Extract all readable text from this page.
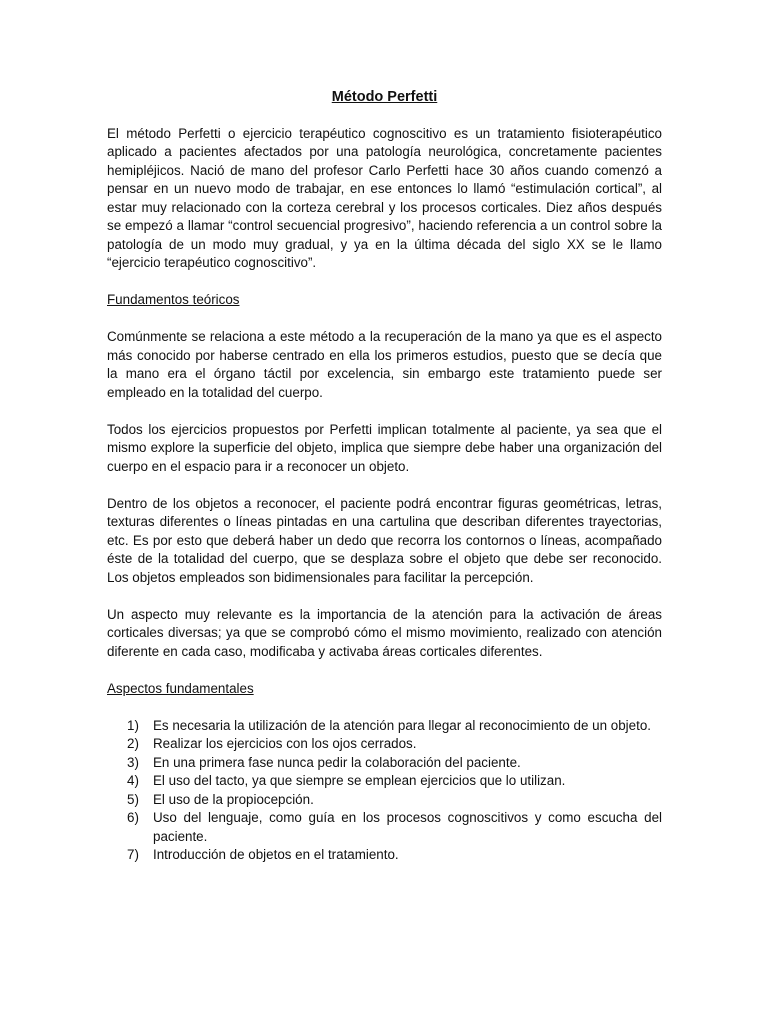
Método Perfetti

El método Perfetti o ejercicio terapéutico cognoscitivo es un tratamiento fisioterapéutico aplicado a pacientes afectados por una patología neurológica, concretamente pacientes hemipléjicos. Nació de mano del profesor Carlo Perfetti hace 30 años cuando comenzó a pensar en un nuevo modo de trabajar, en ese entonces lo llamó “estimulación cortical”, al estar muy relacionado con la corteza cerebral y los procesos corticales. Diez años después se empezó a llamar “control secuencial progresivo”, haciendo referencia a un control sobre la patología de un modo muy gradual, y ya en la última década del siglo XX se le llamo “ejercicio terapéutico cognoscitivo”.

Fundamentos teóricos

Comúnmente se relaciona a este método a la recuperación de la mano ya que es el aspecto más conocido por haberse centrado en ella los primeros estudios, puesto que se decía que la mano era el órgano táctil por excelencia, sin embargo este tratamiento puede ser empleado en la totalidad del cuerpo.

Todos los ejercicios propuestos por Perfetti implican totalmente al paciente, ya sea que el mismo explore la superficie del objeto, implica que siempre debe haber una organización del cuerpo en el espacio para ir a reconocer un objeto.

Dentro de los objetos a reconocer, el paciente podrá encontrar figuras geométricas, letras, texturas diferentes o líneas pintadas en una cartulina que describan diferentes trayectorias, etc. Es por esto que deberá haber un dedo que recorra los contornos o líneas, acompañado éste de la totalidad del cuerpo, que se desplaza sobre el objeto que debe ser reconocido. Los objetos empleados son bidimensionales para facilitar la percepción.

Un aspecto muy relevante es la importancia de la atención para la activación de áreas corticales diversas; ya que se comprobó cómo el mismo movimiento, realizado con atención diferente en cada caso, modificaba y activaba áreas corticales diferentes.

Aspectos fundamentales

1)	Es necesaria la utilización de la atención para llegar al reconocimiento de un objeto.
2)	Realizar los ejercicios con los ojos cerrados.
3)	En una primera fase nunca pedir la colaboración del paciente.
4)	El uso del tacto, ya que siempre se emplean ejercicios que lo utilizan.
5)	El uso de la propiocepción.
6)	Uso del lenguaje, como guía en los procesos cognoscitivos y como escucha del paciente.
7)	Introducción de objetos en el tratamiento.
